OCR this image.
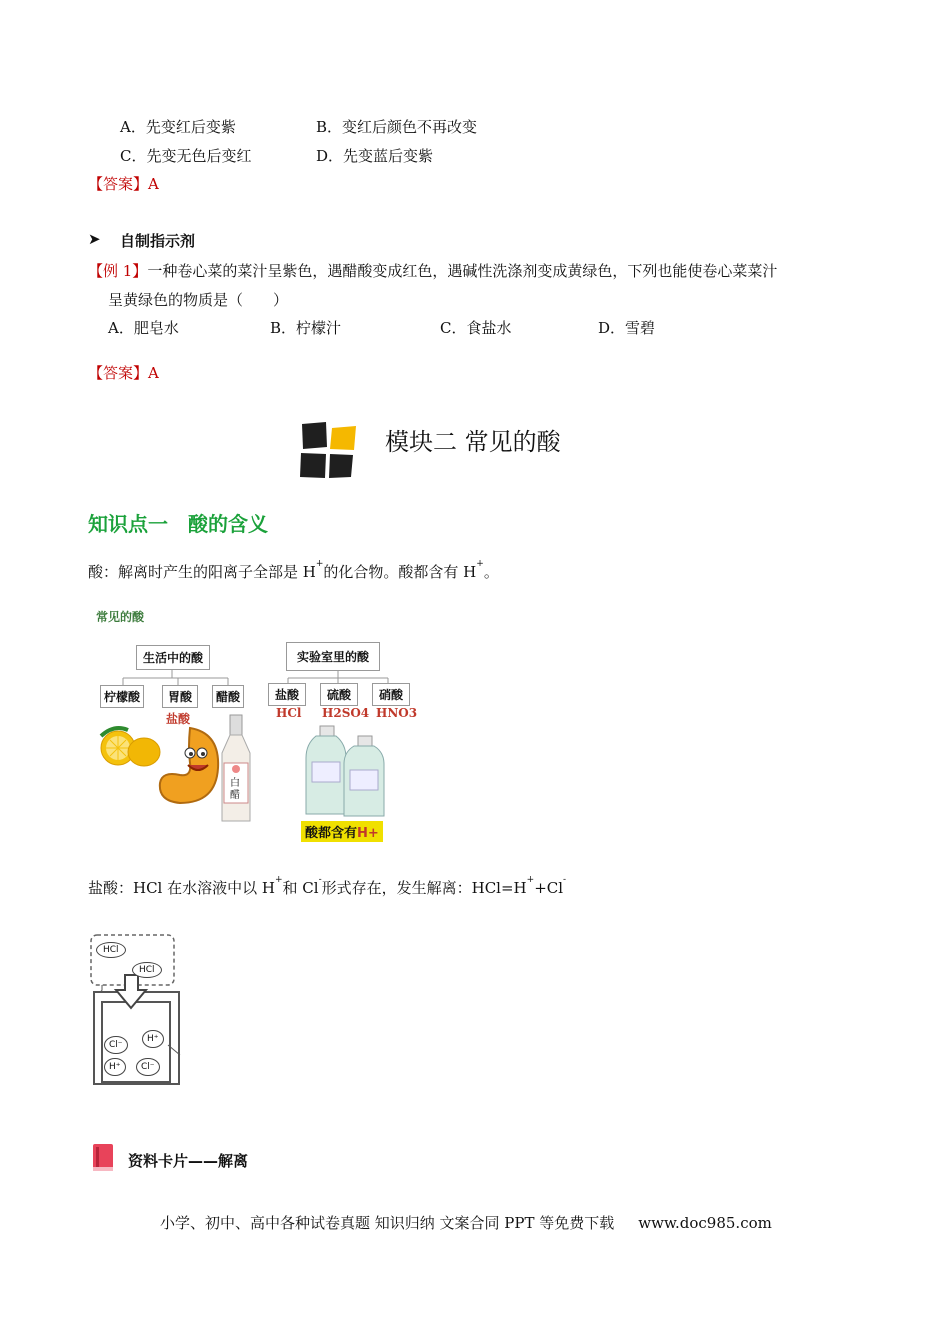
A．先变红后变紫	B．变红后颜色不再改变
C．先变无色后变红	D．先变蓝后变紫
【答案】A
➤ 自制指示剂
【例 1】一种卷心菜的菜汁呈紫色，遇醋酸变成红色，遇碱性洗涤剂变成黄绿色，下列也能使卷心菜菜汁
呈黄绿色的物质是（　　）
A．肥皂水	B．柠檬汁	C．食盐水	D．雪碧
【答案】A
模块二 常见的酸
知识点一　酸的含义
酸：解离时产生的阳离子全部是 H+的化合物。酸都含有 H+。
常见的酸
生活中的酸	实验室里的酸
柠檬酸	胃酸	醋酸
盐酸
盐酸	硫酸	硝酸
HCl H2SO4 HNO3
白醋
酸都含有H+
盐酸：HCl 在水溶液中以 H+和 Cl-形式存在，发生解离：HCl=H++Cl-
HCl
HCl
Cl⁻
H⁺
H⁺	Cl⁻
资料卡片——解离
小学、初中、高中各种试卷真题 知识归纳 文案合同 PPT 等免费下载 www.doc985.com
